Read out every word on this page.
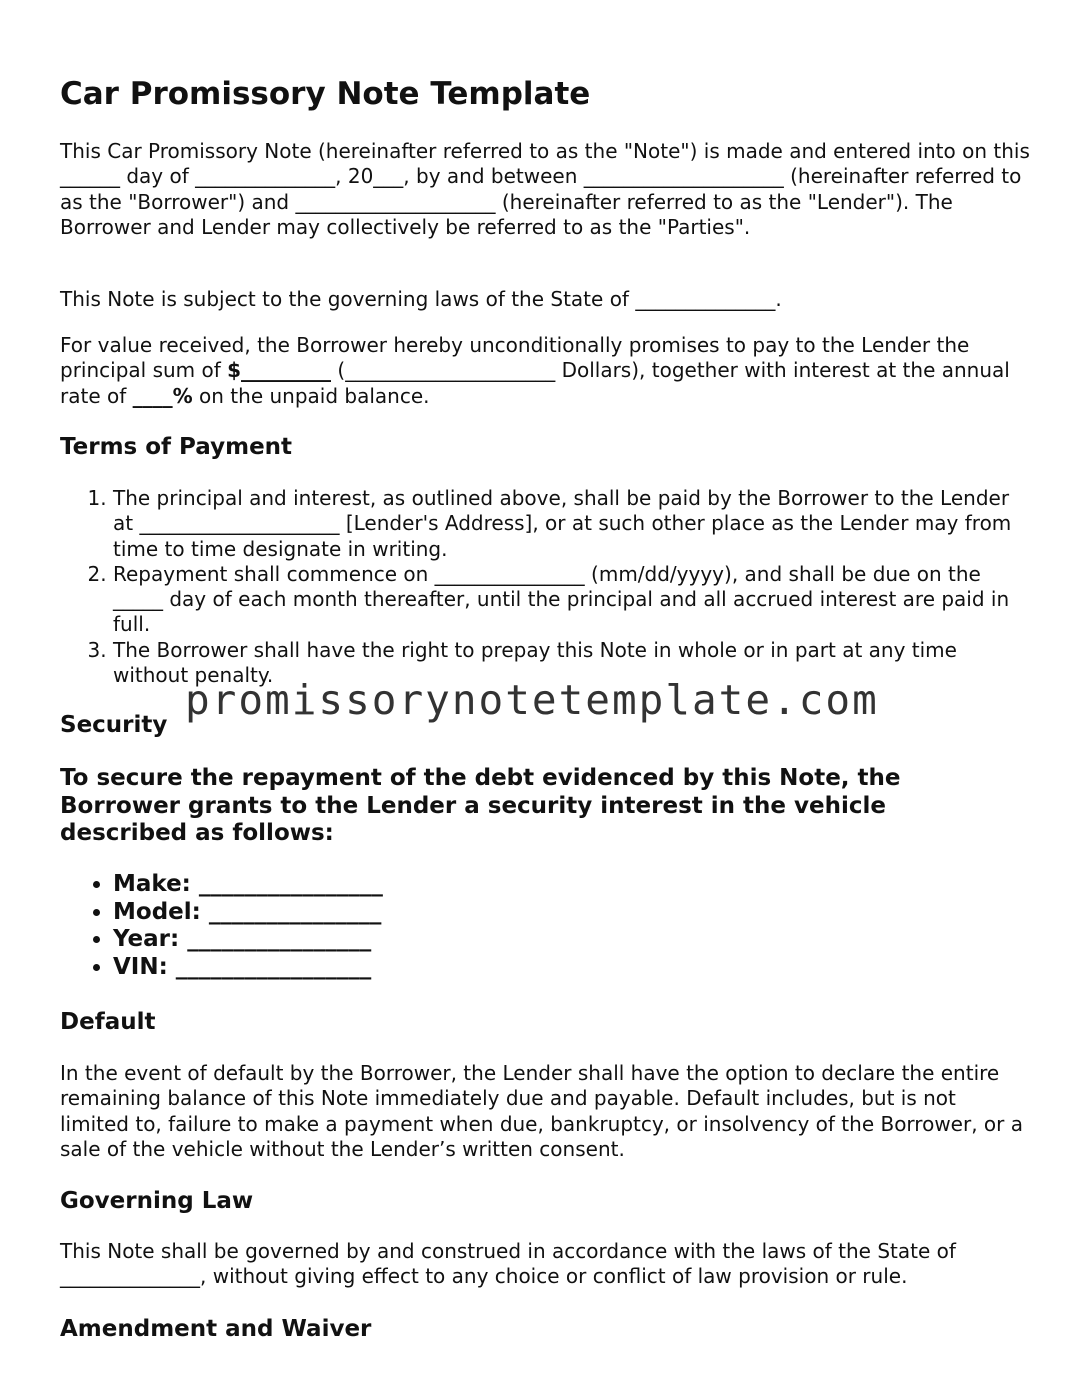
Car Promissory Note Template

This Car Promissory Note (hereinafter referred to as the "Note") is made and entered into on this ______ day of ______________, 20___, by and between ____________________ (hereinafter referred to as the "Borrower") and ____________________ (hereinafter referred to as the "Lender"). The Borrower and Lender may collectively be referred to as the "Parties".

This Note is subject to the governing laws of the State of ______________.

For value received, the Borrower hereby unconditionally promises to pay to the Lender the principal sum of $_________ (_____________________ Dollars), together with interest at the annual rate of ____% on the unpaid balance.

Terms of Payment
1. The principal and interest, as outlined above, shall be paid by the Borrower to the Lender at ____________________ [Lender's Address], or at such other place as the Lender may from time to time designate in writing.
2. Repayment shall commence on _______________ (mm/dd/yyyy), and shall be due on the _____ day of each month thereafter, until the principal and all accrued interest are paid in full.
3. The Borrower shall have the right to prepay this Note in whole or in part at any time without penalty.
Security
To secure the repayment of the debt evidenced by this Note, the Borrower grants to the Lender a security interest in the vehicle described as follows:
• Make: ________________
• Model: _______________
• Year: ________________
• VIN: _________________
Default

In the event of default by the Borrower, the Lender shall have the option to declare the entire remaining balance of this Note immediately due and payable. Default includes, but is not limited to, failure to make a payment when due, bankruptcy, or insolvency of the Borrower, or a sale of the vehicle without the Lender’s written consent.

Governing Law

This Note shall be governed by and construed in accordance with the laws of the State of ______________, without giving effect to any choice or conflict of law provision or rule.

Amendment and Waiver
promissorynotetemplate.com
